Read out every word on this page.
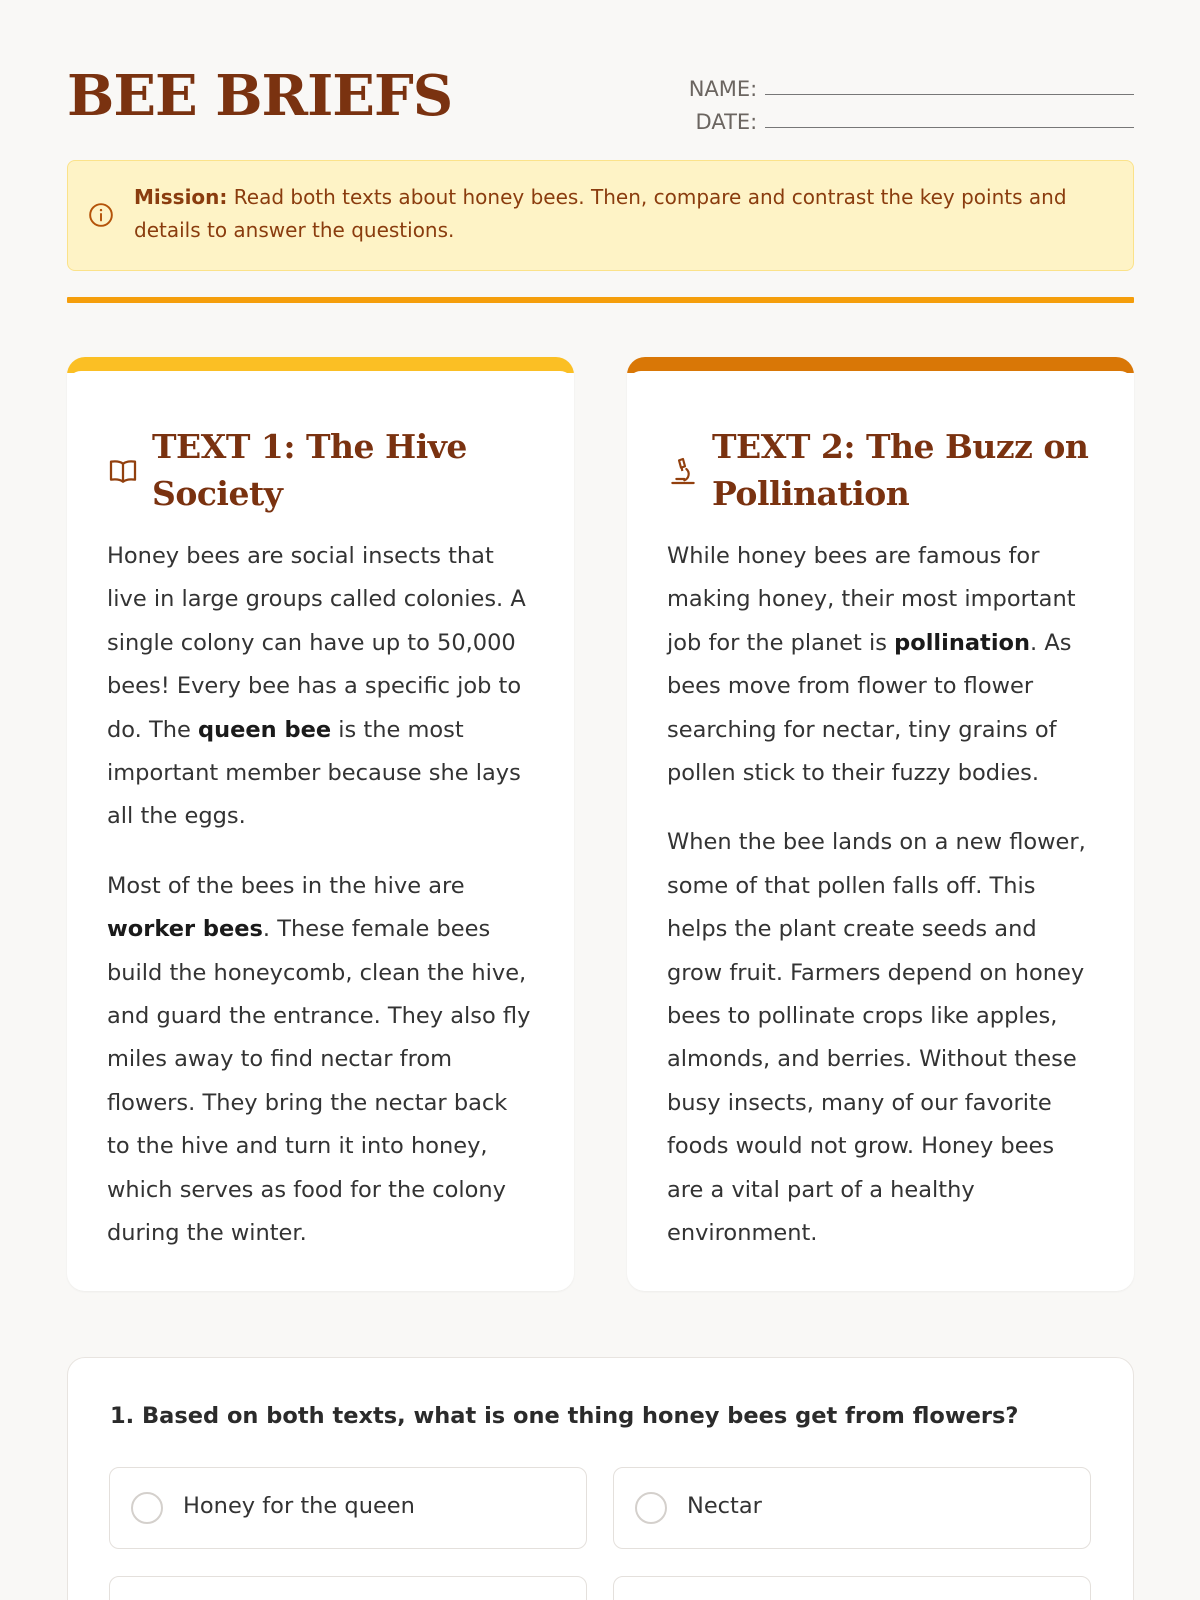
BEE BRIEFS	NAME:
DATE:
Mission: Read both texts about honey bees. Then, compare and contrast the key points and details to answer the questions.
TEXT 1: The Hive Society

Honey bees are social insects that live in large groups called colonies. A single colony can have up to 50,000 bees! Every bee has a specific job to do. The queen bee is the most important member because she lays all the eggs.

Most of the bees in the hive are worker bees. These female bees build the honeycomb, clean the hive, and guard the entrance. They also fly miles away to find nectar from flowers. They bring the nectar back to the hive and turn it into honey, which serves as food for the colony during the winter.

TEXT 2: The Buzz on Pollination

While honey bees are famous for making honey, their most important job for the planet is pollination. As bees move from flower to flower searching for nectar, tiny grains of pollen stick to their fuzzy bodies.

When the bee lands on a new flower, some of that pollen falls off. This helps the plant create seeds and grow fruit. Farmers depend on honey bees to pollinate crops like apples, almonds, and berries. Without these busy insects, many of our favorite foods would not grow. Honey bees are a vital part of a healthy environment.

1. Based on both texts, what is one thing honey bees get from flowers?
Honey for the queen	Nectar
